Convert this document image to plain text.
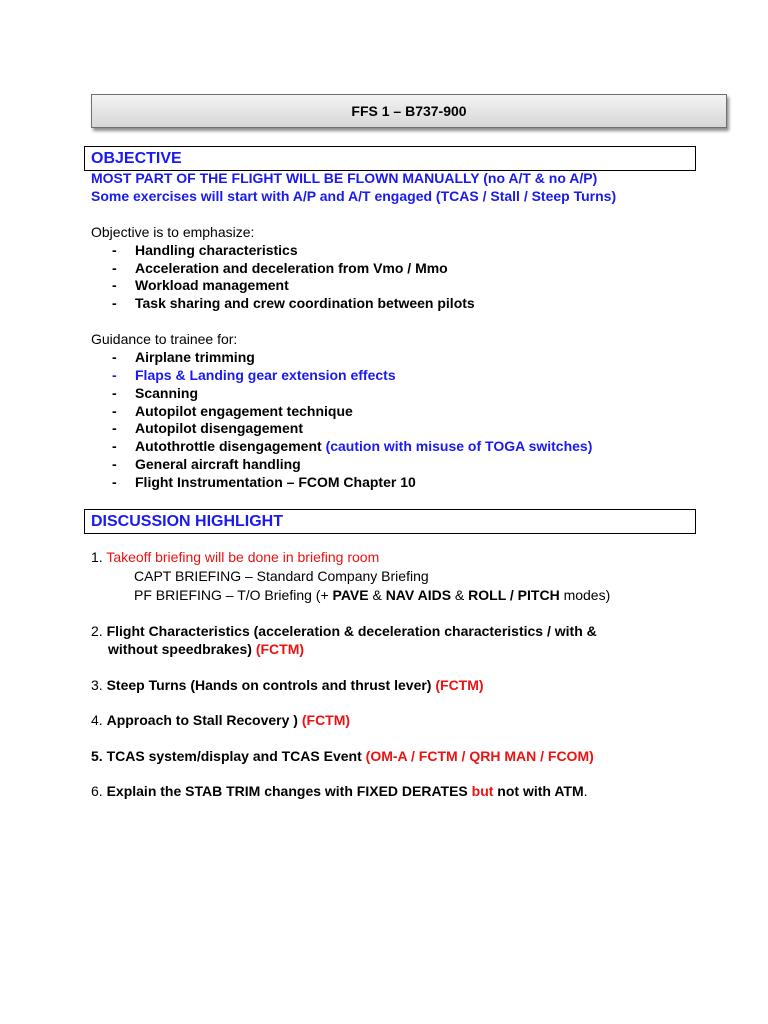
FFS 1 – B737-900
OBJECTIVE
MOST PART OF THE FLIGHT WILL BE FLOWN MANUALLY (no A/T & no A/P)
Some exercises will start with A/P and A/T engaged (TCAS / Stall / Steep Turns)
Objective is to emphasize:
- Handling characteristics
- Acceleration and deceleration from Vmo / Mmo
- Workload management
- Task sharing and crew coordination between pilots
Guidance to trainee for:
- Airplane trimming
- Flaps & Landing gear extension effects
- Scanning
- Autopilot engagement technique
- Autopilot disengagement
- Autothrottle disengagement (caution with misuse of TOGA switches)
- General aircraft handling
- Flight Instrumentation – FCOM Chapter 10
DISCUSSION HIGHLIGHT
1. Takeoff briefing will be done in briefing room
CAPT BRIEFING – Standard Company Briefing
PF BRIEFING – T/O Briefing (+ PAVE & NAV AIDS & ROLL / PITCH modes)
2. Flight Characteristics (acceleration & deceleration characteristics / with &
without speedbrakes) (FCTM)
3. Steep Turns (Hands on controls and thrust lever) (FCTM)
4. Approach to Stall Recovery ) (FCTM)
5. TCAS system/display and TCAS Event (OM-A / FCTM / QRH MAN / FCOM)
6. Explain the STAB TRIM changes with FIXED DERATES but not with ATM.
